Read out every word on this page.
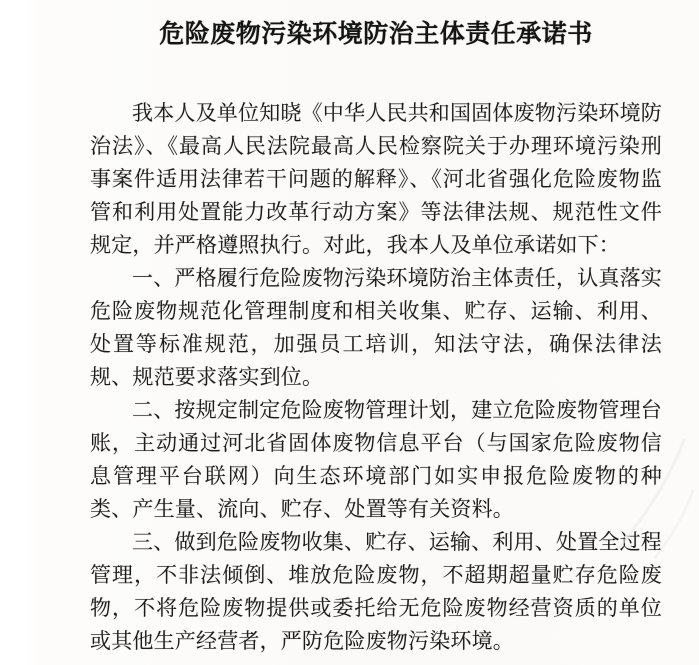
危险废物污染环境防治主体责任承诺书

我本人及单位知晓《中华人民共和国固体废物污染环境防治法》、《最高人民法院最高人民检察院关于办理环境污染刑事案件适用法律若干问题的解释》、《河北省强化危险废物监管和利用处置能力改革行动方案》等法律法规、规范性文件规定，并严格遵照执行。对此，我本人及单位承诺如下：

一、严格履行危险废物污染环境防治主体责任，认真落实危险废物规范化管理制度和相关收集、贮存、运输、利用、处置等标准规范，加强员工培训，知法守法，确保法律法规、规范要求落实到位。

二、按规定制定危险废物管理计划，建立危险废物管理台账，主动通过河北省固体废物信息平台（与国家危险废物信息管理平台联网）向生态环境部门如实申报危险废物的种类、产生量、流向、贮存、处置等有关资料。

三、做到危险废物收集、贮存、运输、利用、处置全过程管理，不非法倾倒、堆放危险废物，不超期超量贮存危险废物，不将危险废物提供或委托给无危险废物经营资质的单位或其他生产经营者，严防危险废物污染环境。
